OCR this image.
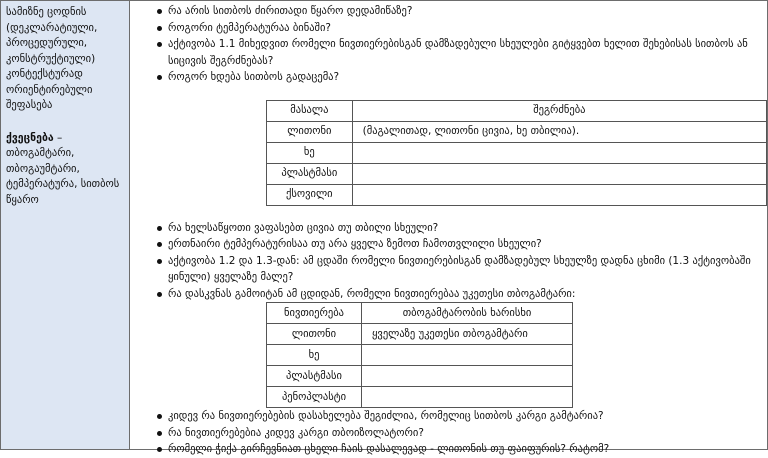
სამიზნე ცოდნის

(დეკლარატიული,

პროცედურული,

კონსტრუქტიული)

კონტექსტურად

ორიენტირებული

შეფასება

ქვეცნება –

თბოგამტარი,

თბოგაუმტარი,

ტემპერატურა, სითბოს

წყარო

რა არის სითბოს ძირითადი წყარო დედამიწაზე?
როგორი ტემპერატურაა ბინაში?
აქტივობა 1.1 მიხედვით რომელი ნივთიერებისგან დამზადებული სხეულები გიტყვებთ ხელით შეხებისას სითბოს ან
სიცივის შეგრძნებას?
როგორ ხდება სითბოს გადაცემა?
მასალა	შეგრძნება
ლითონი	(მაგალითად, ლითონი ცივია, ხე თბილია).
ხე	
პლასტმასი	
ქსოვილი	
რა ხელსაწყოთი ვაფასებთ ცივია თუ თბილი სხეული?
ერთნაირი ტემპერატურისაა თუ არა ყველა ზემოთ ჩამოთვლილი სხეული?
აქტივობა 1.2 და 1.3-დან: ამ ცდაში რომელი ნივთიერებისგან დამზადებულ სხეულზე დადნა ცხიმი (1.3 აქტივობაში
ყინული) ყველაზე მალე?
რა დასკვნას გამოიტან ამ ცდიდან, რომელი ნივთიერებაა უკეთესი თბოგამტარი:
ნივთიერება	თბოგამტარობის ხარისხი
ლითონი	ყველაზე უკეთესი თბოგამტარი
ხე	
პლასტმასი	
პენოპლასტი	
კიდევ რა ნივთიერებების დასახელება შეგიძლია, რომელიც სითბოს კარგი გამტარია?
რა ნივთიერებებია კიდევ კარგი თბოიზოლატორი?
რომელი ჭიქა გირჩევნიათ ცხელი ჩაის დასალევად - ლითონის თუ ფაიფურის? რატომ?
